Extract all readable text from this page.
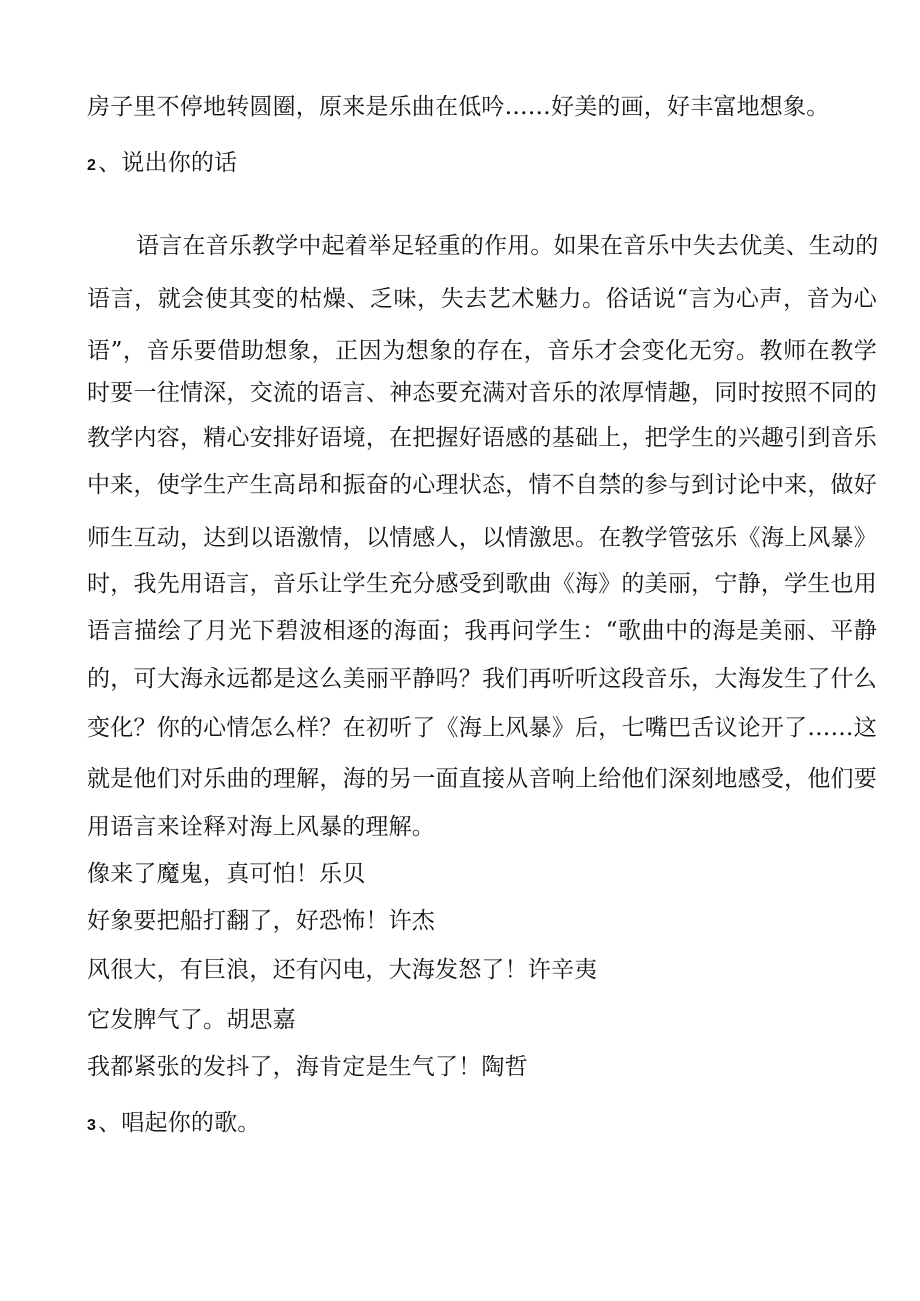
房子里不停地转圆圈，原来是乐曲在低吟……好美的画，好丰富地想象。
2、说出你的话
语言在音乐教学中起着举足轻重的作用。如果在音乐中失去优美、生动的
语言，就会使其变的枯燥、乏味，失去艺术魅力。俗话说“言为心声，音为心
语”，音乐要借助想象，正因为想象的存在，音乐才会变化无穷。教师在教学
时要一往情深，交流的语言、神态要充满对音乐的浓厚情趣，同时按照不同的
教学内容，精心安排好语境，在把握好语感的基础上，把学生的兴趣引到音乐
中来，使学生产生高昂和振奋的心理状态，情不自禁的参与到讨论中来，做好
师生互动，达到以语激情，以情感人，以情激思。在教学管弦乐《海上风暴》
时，我先用语言，音乐让学生充分感受到歌曲《海》的美丽，宁静，学生也用
语言描绘了月光下碧波相逐的海面；我再问学生：“歌曲中的海是美丽、平静
的，可大海永远都是这么美丽平静吗？我们再听听这段音乐，大海发生了什么
变化？你的心情怎么样？在初听了《海上风暴》后，七嘴巴舌议论开了……这
就是他们对乐曲的理解，海的另一面直接从音响上给他们深刻地感受，他们要
用语言来诠释对海上风暴的理解。
像来了魔鬼，真可怕！乐贝
好象要把船打翻了，好恐怖！许杰
风很大，有巨浪，还有闪电，大海发怒了！许辛夷
它发脾气了。胡思嘉
我都紧张的发抖了，海肯定是生气了！陶哲
3、唱起你的歌。
